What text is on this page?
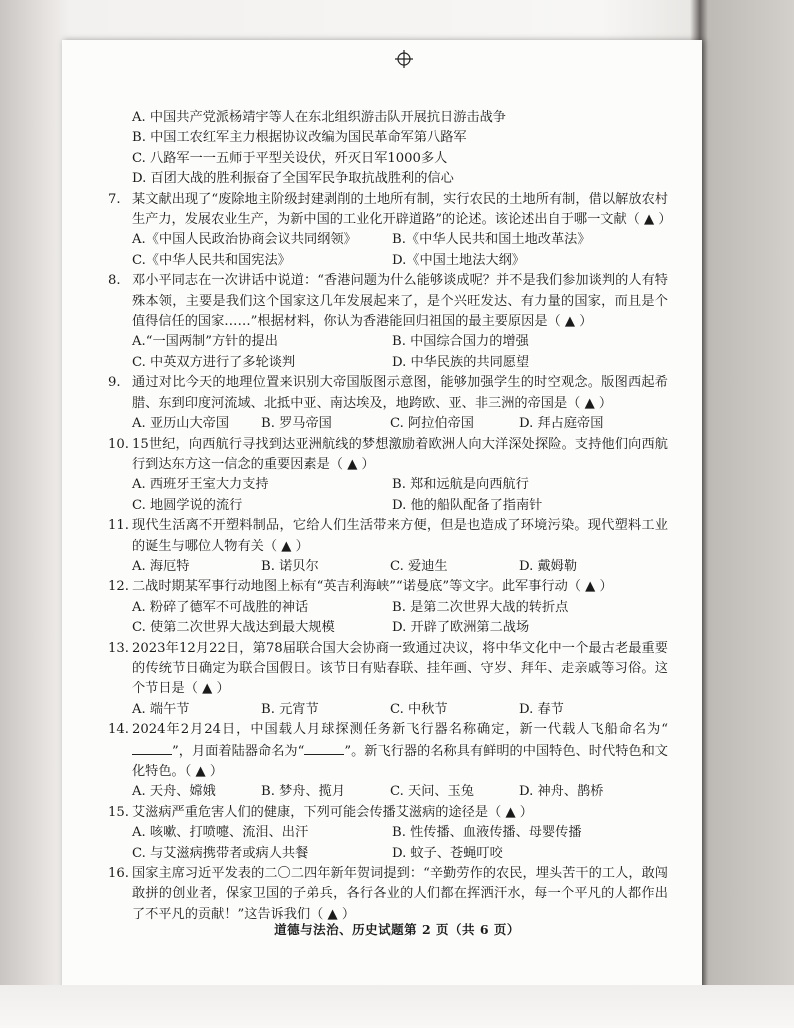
A. 中国共产党派杨靖宇等人在东北组织游击队开展抗日游击战争
B. 中国工农红军主力根据协议改编为国民革命军第八路军
C. 八路军一一五师于平型关设伏，歼灭日军1000多人
D. 百团大战的胜利振奋了全国军民争取抗战胜利的信心
7. 某文献出现了“废除地主阶级封建剥削的土地所有制，实行农民的土地所有制，借以解放农村生产力，发展农业生产，为新中国的工业化开辟道路”的论述。该论述出自于哪一文献（ ▲ ）
A.《中国人民政治协商会议共同纲领》	B.《中华人民共和国土地改革法》
C.《中华人民共和国宪法》	D.《中国土地法大纲》
8. 邓小平同志在一次讲话中说道：“香港问题为什么能够谈成呢？并不是我们参加谈判的人有特殊本领，主要是我们这个国家这几年发展起来了，是个兴旺发达、有力量的国家，而且是个值得信任的国家……”根据材料，你认为香港能回归祖国的最主要原因是（ ▲ ）
A.“一国两制”方针的提出	B. 中国综合国力的增强
C. 中英双方进行了多轮谈判	D. 中华民族的共同愿望
9. 通过对比今天的地理位置来识别大帝国版图示意图，能够加强学生的时空观念。版图西起希腊、东到印度河流域、北抵中亚、南达埃及，地跨欧、亚、非三洲的帝国是（ ▲ ）
A. 亚历山大帝国	B. 罗马帝国	C. 阿拉伯帝国	D. 拜占庭帝国
10. 15世纪，向西航行寻找到达亚洲航线的梦想激励着欧洲人向大洋深处探险。支持他们向西航行到达东方这一信念的重要因素是（ ▲ ）
A. 西班牙王室大力支持	B. 郑和远航是向西航行
C. 地圆学说的流行	D. 他的船队配备了指南针
11. 现代生活离不开塑料制品，它给人们生活带来方便，但是也造成了环境污染。现代塑料工业的诞生与哪位人物有关（ ▲ ）
A. 海厄特	B. 诺贝尔	C. 爱迪生	D. 戴姆勒
12. 二战时期某军事行动地图上标有“英吉利海峡”“诺曼底”等文字。此军事行动（ ▲ ）
A. 粉碎了德军不可战胜的神话	B. 是第二次世界大战的转折点
C. 使第二次世界大战达到最大规模	D. 开辟了欧洲第二战场
13. 2023年12月22日，第78届联合国大会协商一致通过决议，将中华文化中一个最古老最重要的传统节日确定为联合国假日。该节日有贴春联、挂年画、守岁、拜年、走亲戚等习俗。这个节日是（ ▲ ）
A. 端午节	B. 元宵节	C. 中秋节	D. 春节
14. 2024年2月24日，中国载人月球探测任务新飞行器名称确定，新一代载人飞船命名为“”，月面着陆器命名为“	”。新飞行器的名称具有鲜明的中国特色、时代特色和文化特色。（ ▲ ）
A. 天舟、嫦娥	B. 梦舟、揽月	C. 天问、玉兔	D. 神舟、鹊桥
15. 艾滋病严重危害人们的健康，下列可能会传播艾滋病的途径是（ ▲ ）
A. 咳嗽、打喷嚏、流泪、出汗	B. 性传播、血液传播、母婴传播
C. 与艾滋病携带者或病人共餐	D. 蚊子、苍蝇叮咬
16. 国家主席习近平发表的二〇二四年新年贺词提到：“辛勤劳作的农民，埋头苦干的工人，敢闯敢拼的创业者，保家卫国的子弟兵，各行各业的人们都在挥洒汗水，每一个平凡的人都作出了不平凡的贡献！”这告诉我们（ ▲ ）
道德与法治、历史试题第 2 页（共 6 页）
